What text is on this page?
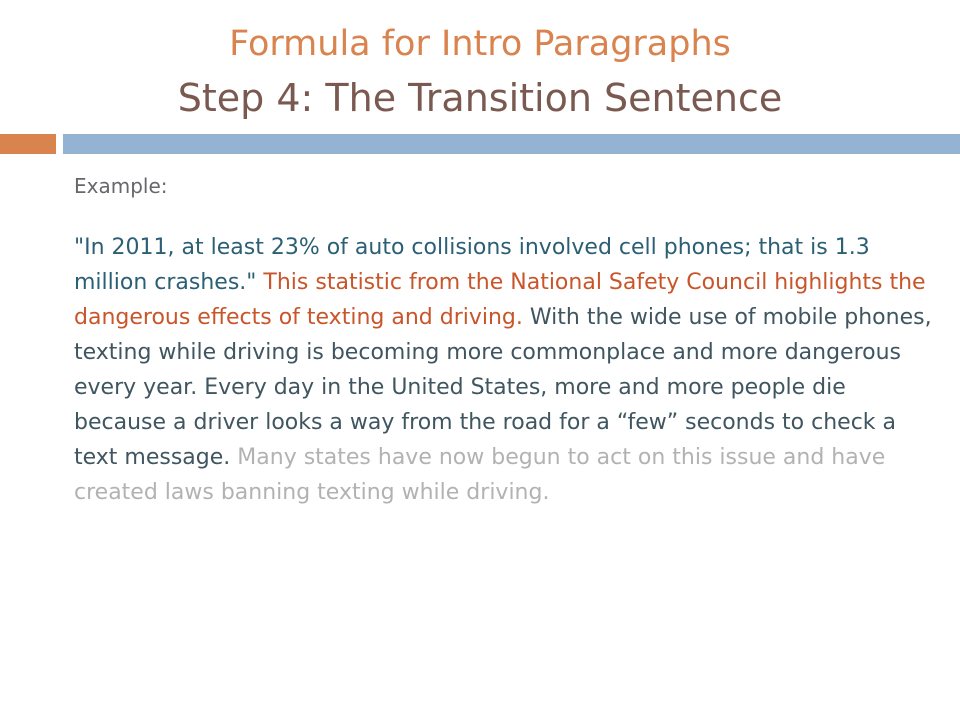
Formula for Intro Paragraphs
Step 4: The Transition Sentence

Example:

"In 2011, at least 23% of auto collisions involved cell phones; that is 1.3 million crashes." This statistic from the National Safety Council highlights the dangerous effects of texting and driving. With the wide use of mobile phones, texting while driving is becoming more commonplace and more dangerous every year. Every day in the United States, more and more people die because a driver looks a way from the road for a “few” seconds to check a text message. Many states have now begun to act on this issue and have created laws banning texting while driving.
